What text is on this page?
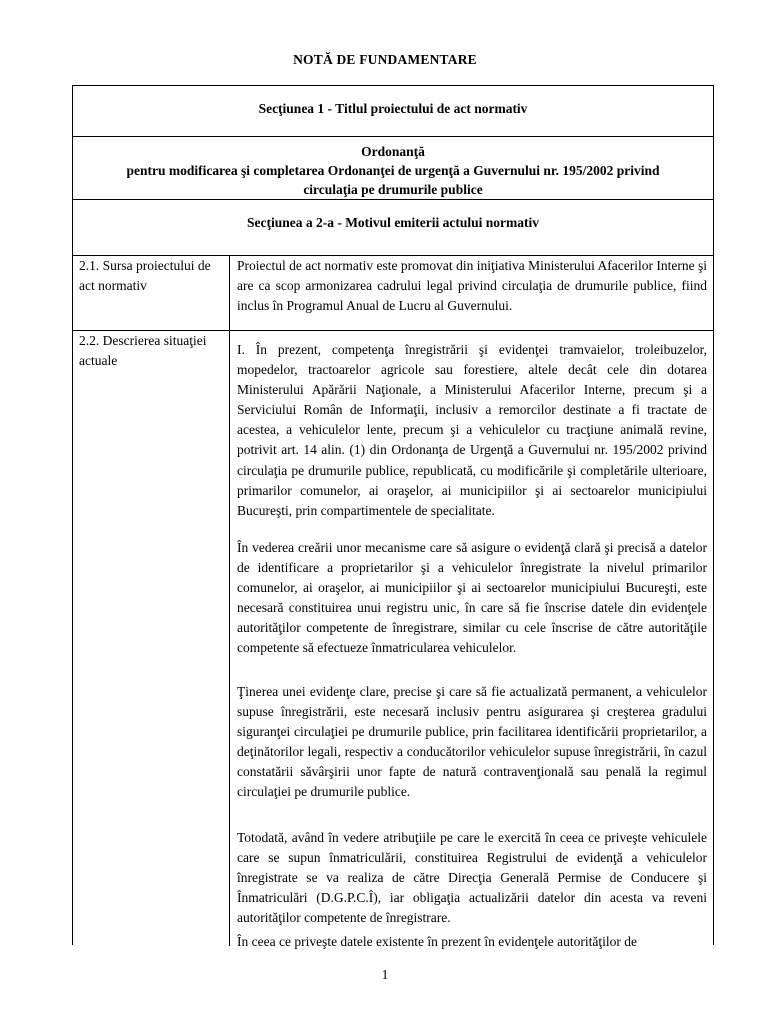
NOTĂ DE FUNDAMENTARE
Secţiunea 1 - Titlul proiectului de act normativ
Ordonanţă
pentru modificarea şi completarea Ordonanţei de urgenţă a Guvernului nr. 195/2002 privind
circulaţia pe drumurile publice
Secţiunea a 2-a - Motivul emiterii actului normativ
2.1. Sursa proiectului de act normativ
Proiectul de act normativ este promovat din iniţiativa Ministerului Afacerilor Interne şi are ca scop armonizarea cadrului legal privind circulaţia de drumurile publice, fiind inclus în Programul Anual de Lucru al Guvernului.
2.2. Descrierea situaţiei actuale
I. În prezent, competenţa înregistrării şi evidenţei tramvaielor, troleibuzelor, mopedelor, tractoarelor agricole sau forestiere, altele decât cele din dotarea Ministerului Apărării Naţionale, a Ministerului Afacerilor Interne, precum şi a Serviciului Român de Informaţii, inclusiv a remorcilor destinate a fi tractate de acestea, a vehiculelor lente, precum şi a vehiculelor cu tracţiune animală revine, potrivit art. 14 alin. (1) din Ordonanţa de Urgenţă a Guvernului nr. 195/2002 privind circulaţia pe drumurile publice, republicată, cu modificările şi completările ulterioare, primarilor comunelor, ai oraşelor, ai municipiilor şi ai sectoarelor municipiului Bucureşti, prin compartimentele de specialitate.
În vederea creării unor mecanisme care să asigure o evidenţă clară şi precisă a datelor de identificare a proprietarilor şi a vehiculelor înregistrate la nivelul primarilor comunelor, ai oraşelor, ai municipiilor şi ai sectoarelor municipiului Bucureşti, este necesară constituirea unui registru unic, în care să fie înscrise datele din evidenţele autorităţilor competente de înregistrare, similar cu cele înscrise de către autorităţile competente să efectueze înmatricularea vehiculelor.
Ţinerea unei evidenţe clare, precise şi care să fie actualizată permanent, a vehiculelor supuse înregistrării, este necesară inclusiv pentru asigurarea şi creşterea gradului siguranţei circulaţiei pe drumurile publice, prin facilitarea identificării proprietarilor, a deţinătorilor legali, respectiv a conducătorilor vehiculelor supuse înregistrării, în cazul constatării săvârşirii unor fapte de natură contravenţională sau penală la regimul circulaţiei pe drumurile publice.
Totodată, având în vedere atribuţiile pe care le exercită în ceea ce priveşte vehiculele care se supun înmatriculării, constituirea Registrului de evidenţă a vehiculelor înregistrate se va realiza de către Direcţia Generală Permise de Conducere şi Înmatriculări (D.G.P.C.Î), iar obligaţia actualizării datelor din acesta va reveni autorităţilor competente de înregistrare.
În ceea ce priveşte datele existente în prezent în evidenţele autorităţilor de
1
